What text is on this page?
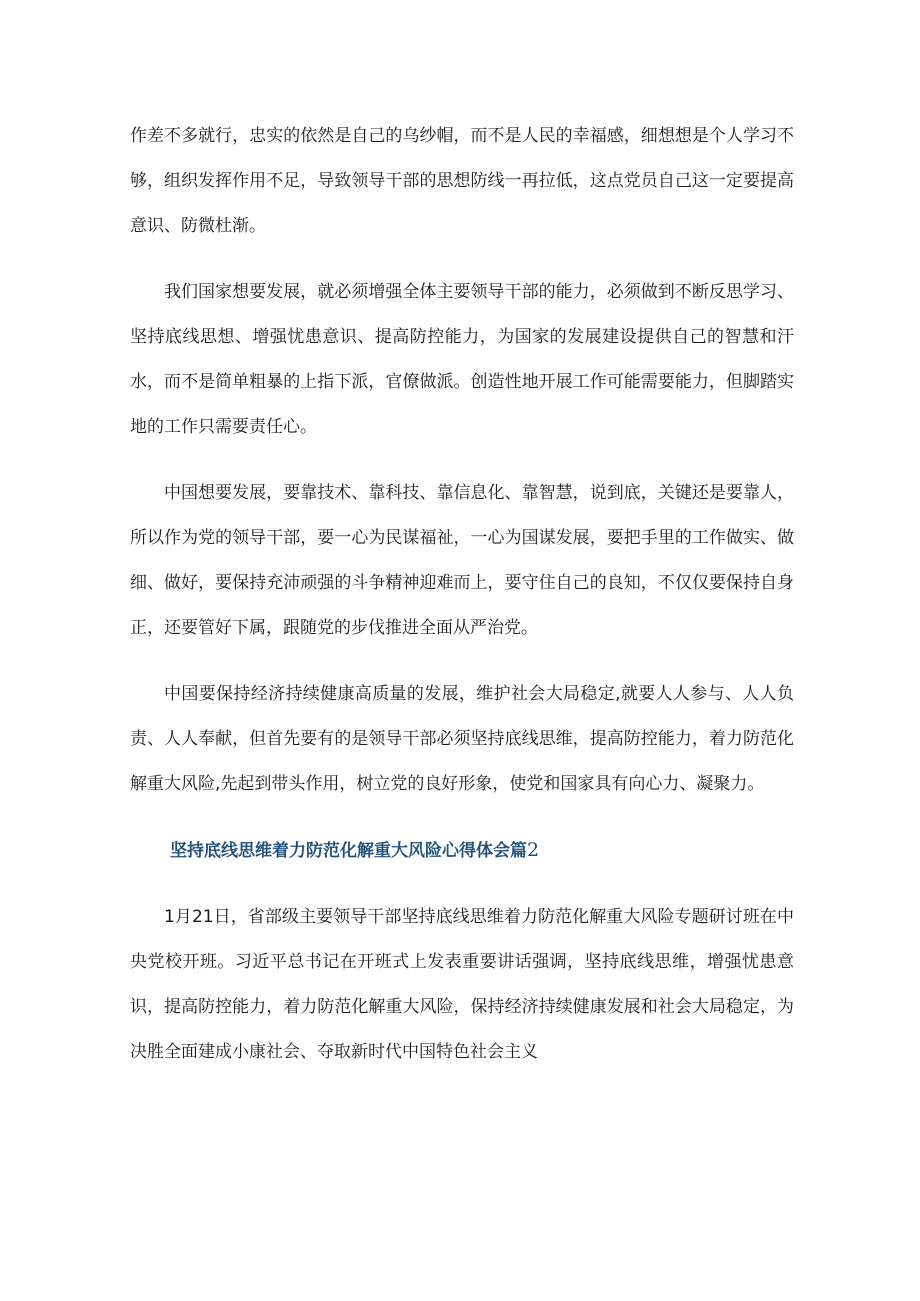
作差不多就行，忠实的依然是自己的乌纱帽，而不是人民的幸福感，细想想是个人学习不够，组织发挥作用不足，导致领导干部的思想防线一再拉低，这点党员自己这一定要提高意识、防微杜渐。

我们国家想要发展，就必须增强全体主要领导干部的能力，必须做到不断反思学习、坚持底线思想、增强忧患意识、提高防控能力，为国家的发展建设提供自己的智慧和汗水，而不是简单粗暴的上指下派，官僚做派。创造性地开展工作可能需要能力，但脚踏实地的工作只需要责任心。

中国想要发展，要靠技术、靠科技、靠信息化、靠智慧，说到底，关键还是要靠人，所以作为党的领导干部，要一心为民谋福祉，一心为国谋发展，要把手里的工作做实、做细、做好，要保持充沛顽强的斗争精神迎难而上，要守住自己的良知，不仅仅要保持自身正，还要管好下属，跟随党的步伐推进全面从严治党。

中国要保持经济持续健康高质量的发展，维护社会大局稳定,就要人人参与、人人负责、人人奉献，但首先要有的是领导干部必须坚持底线思维，提高防控能力，着力防范化解重大风险,先起到带头作用，树立党的良好形象，使党和国家具有向心力、凝聚力。

坚持底线思维着力防范化解重大风险心得体会篇2

1月21日，省部级主要领导干部坚持底线思维着力防范化解重大风险专题研讨班在中央党校开班。习近平总书记在开班式上发表重要讲话强调，坚持底线思维，增强忧患意识，提高防控能力，着力防范化解重大风险，保持经济持续健康发展和社会大局稳定，为决胜全面建成小康社会、夺取新时代中国特色社会主义
